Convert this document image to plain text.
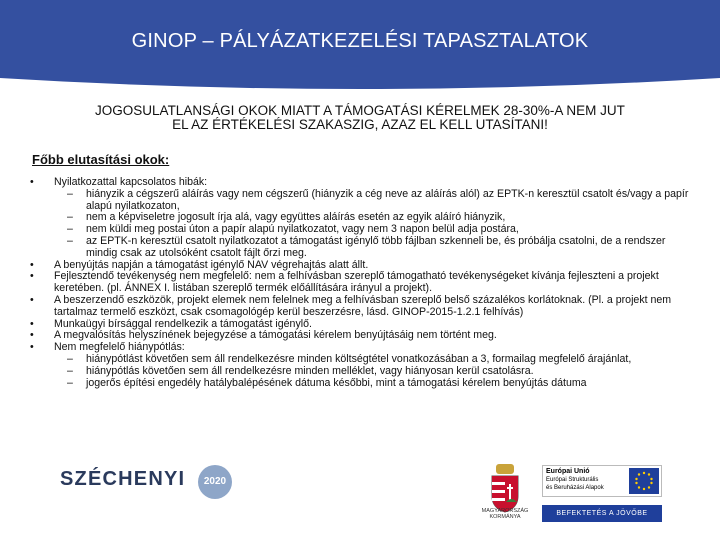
GINOP – PÁLYÁZATKEZELÉSI TAPASZTALATOK
JOGOSULATLANSÁGI OKOK MIATT A TÁMOGATÁSI KÉRELMEK 28-30%-A NEM JUT
EL AZ ÉRTÉKELÉSI SZAKASZIG, AZAZ EL KELL UTASÍTANI!
Főbb elutasítási okok:
• Nyilatkozattal kapcsolatos hibák:
– hiányzik a cégszerű aláírás vagy nem cégszerű (hiányzik a cég neve az aláírás alól) az EPTK-n keresztül csatolt és/vagy a papír alapú nyilatkozaton,
– nem a képviseletre jogosult írja alá, vagy együttes aláírás esetén az egyik aláíró hiányzik,
– nem küldi meg postai úton a papír alapú nyilatkozatot, vagy nem 3 napon belül adja postára,
– az EPTK-n keresztül csatolt nyilatkozatot a támogatást igénylő több fájlban szkenneli be, és próbálja csatolni, de a rendszer mindig csak az utolsóként csatolt fájlt őrzi meg.
• A benyújtás napján a támogatást igénylő NAV végrehajtás alatt állt.
• Fejlesztendő tevékenység nem megfelelő: nem a felhívásban szereplő támogatható tevékenységeket kívánja fejleszteni a projekt keretében. (pl. ÁNNEX I. listában szereplő termék előállítására irányul a projekt).
• A beszerzendő eszközök, projekt elemek nem felelnek meg a felhívásban szereplő belső százalékos korlátoknak. (Pl. a projekt nem tartalmaz termelő eszközt, csak csomagológép kerül beszerzésre, lásd. GINOP-2015-1.2.1 felhívás)
• Munkaügyi bírsággal rendelkezik a támogatást igénylő.
• A megvalósítás helyszínének bejegyzése a támogatási kérelem benyújtásáig nem történt meg.
• Nem megfelelő hiánypótlás:
– hiánypótlást követően sem áll rendelkezésre minden költségtétel vonatkozásában a 3, formailag megfelelő árajánlat,
– hiánypótlás követően sem áll rendelkezésre minden melléklet, vagy hiányosan kerül csatolásra.
– jogerős építési engedély hatálybalépésének dátuma későbbi, mint a támogatási kérelem benyújtás dátuma
SZÉCHENYI	2020
MAGYARORSZÁG
KORMÁNYA
Európai Unió
Európai Strukturális
és Beruházási Alapok
BEFEKTETÉS A JÖVŐBE
